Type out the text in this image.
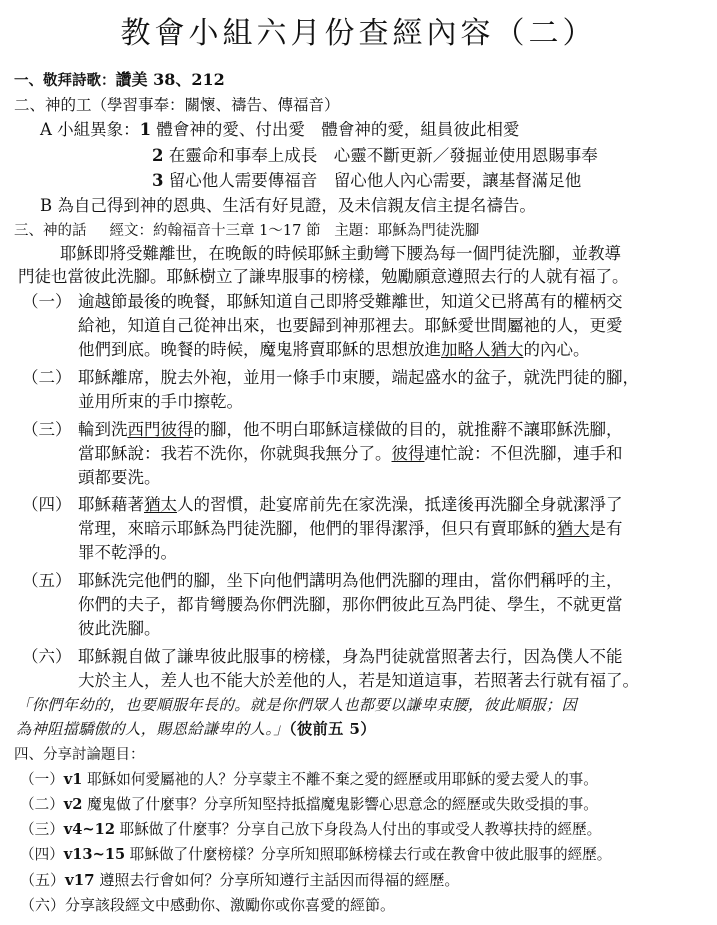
教會小組六月份查經內容（二）
一、敬拜詩歌：讚美 38、212
二、神的工（學習事奉：關懷、禱告、傳福音）
A 小組異象：1 體會神的愛、付出愛　體會神的愛，組員彼此相愛
2 在靈命和事奉上成長　心靈不斷更新／發掘並使用恩賜事奉
3 留心他人需要傳福音　留心他人內心需要，讓基督滿足他
B 為自己得到神的恩典、生活有好見證，及未信親友信主提名禱告。
三、神的話 經文：約翰福音十三章 1～17 節 主題：耶穌為門徒洗腳
耶穌即將受難離世，在晚飯的時候耶穌主動彎下腰為每一個門徒洗腳，並教導
門徒也當彼此洗腳。耶穌樹立了謙卑服事的榜樣，勉勵願意遵照去行的人就有福了。
（一） 逾越節最後的晚餐，耶穌知道自己即將受難離世，知道父已將萬有的權柄交
給祂，知道自己從神出來，也要歸到神那裡去。耶穌愛世間屬祂的人，更愛
他們到底。晚餐的時候，魔鬼將賣耶穌的思想放進加略人猶大的內心。
（二） 耶穌離席，脫去外袍，並用一條手巾束腰，端起盛水的盆子，就洗門徒的腳，
並用所束的手巾擦乾。
（三） 輪到洗西門彼得的腳，他不明白耶穌這樣做的目的，就推辭不讓耶穌洗腳，
當耶穌說：我若不洗你，你就與我無分了。彼得連忙說：不但洗腳，連手和
頭都要洗。
（四） 耶穌藉著猶太人的習慣，赴宴席前先在家洗澡，抵達後再洗腳全身就潔淨了
常理，來暗示耶穌為門徒洗腳，他們的罪得潔淨，但只有賣耶穌的猶大是有
罪不乾淨的。
（五） 耶穌洗完他們的腳，坐下向他們講明為他們洗腳的理由，當你們稱呼的主，
你們的夫子，都肯彎腰為你們洗腳，那你們彼此互為門徒、學生，不就更當
彼此洗腳。
（六） 耶穌親自做了謙卑彼此服事的榜樣，身為門徒就當照著去行，因為僕人不能
大於主人，差人也不能大於差他的人，若是知道這事，若照著去行就有福了。
「你們年幼的，也要順服年長的。就是你們眾人也都要以謙卑束腰，彼此順服；因
為神阻擋驕傲的人，賜恩給謙卑的人。」（彼前五 5）
四、分享討論題目：
（一）v1 耶穌如何愛屬祂的人？分享蒙主不離不棄之愛的經歷或用耶穌的愛去愛人的事。
（二）v2 魔鬼做了什麼事？分享所知堅持抵擋魔鬼影響心思意念的經歷或失敗受損的事。
（三）v4~12 耶穌做了什麼事？分享自己放下身段為人付出的事或受人教導扶持的經歷。
（四）v13~15 耶穌做了什麼榜樣？分享所知照耶穌榜樣去行或在教會中彼此服事的經歷。
（五）v17 遵照去行會如何？分享所知遵行主話因而得福的經歷。
（六）分享該段經文中感動你、激勵你或你喜愛的經節。
